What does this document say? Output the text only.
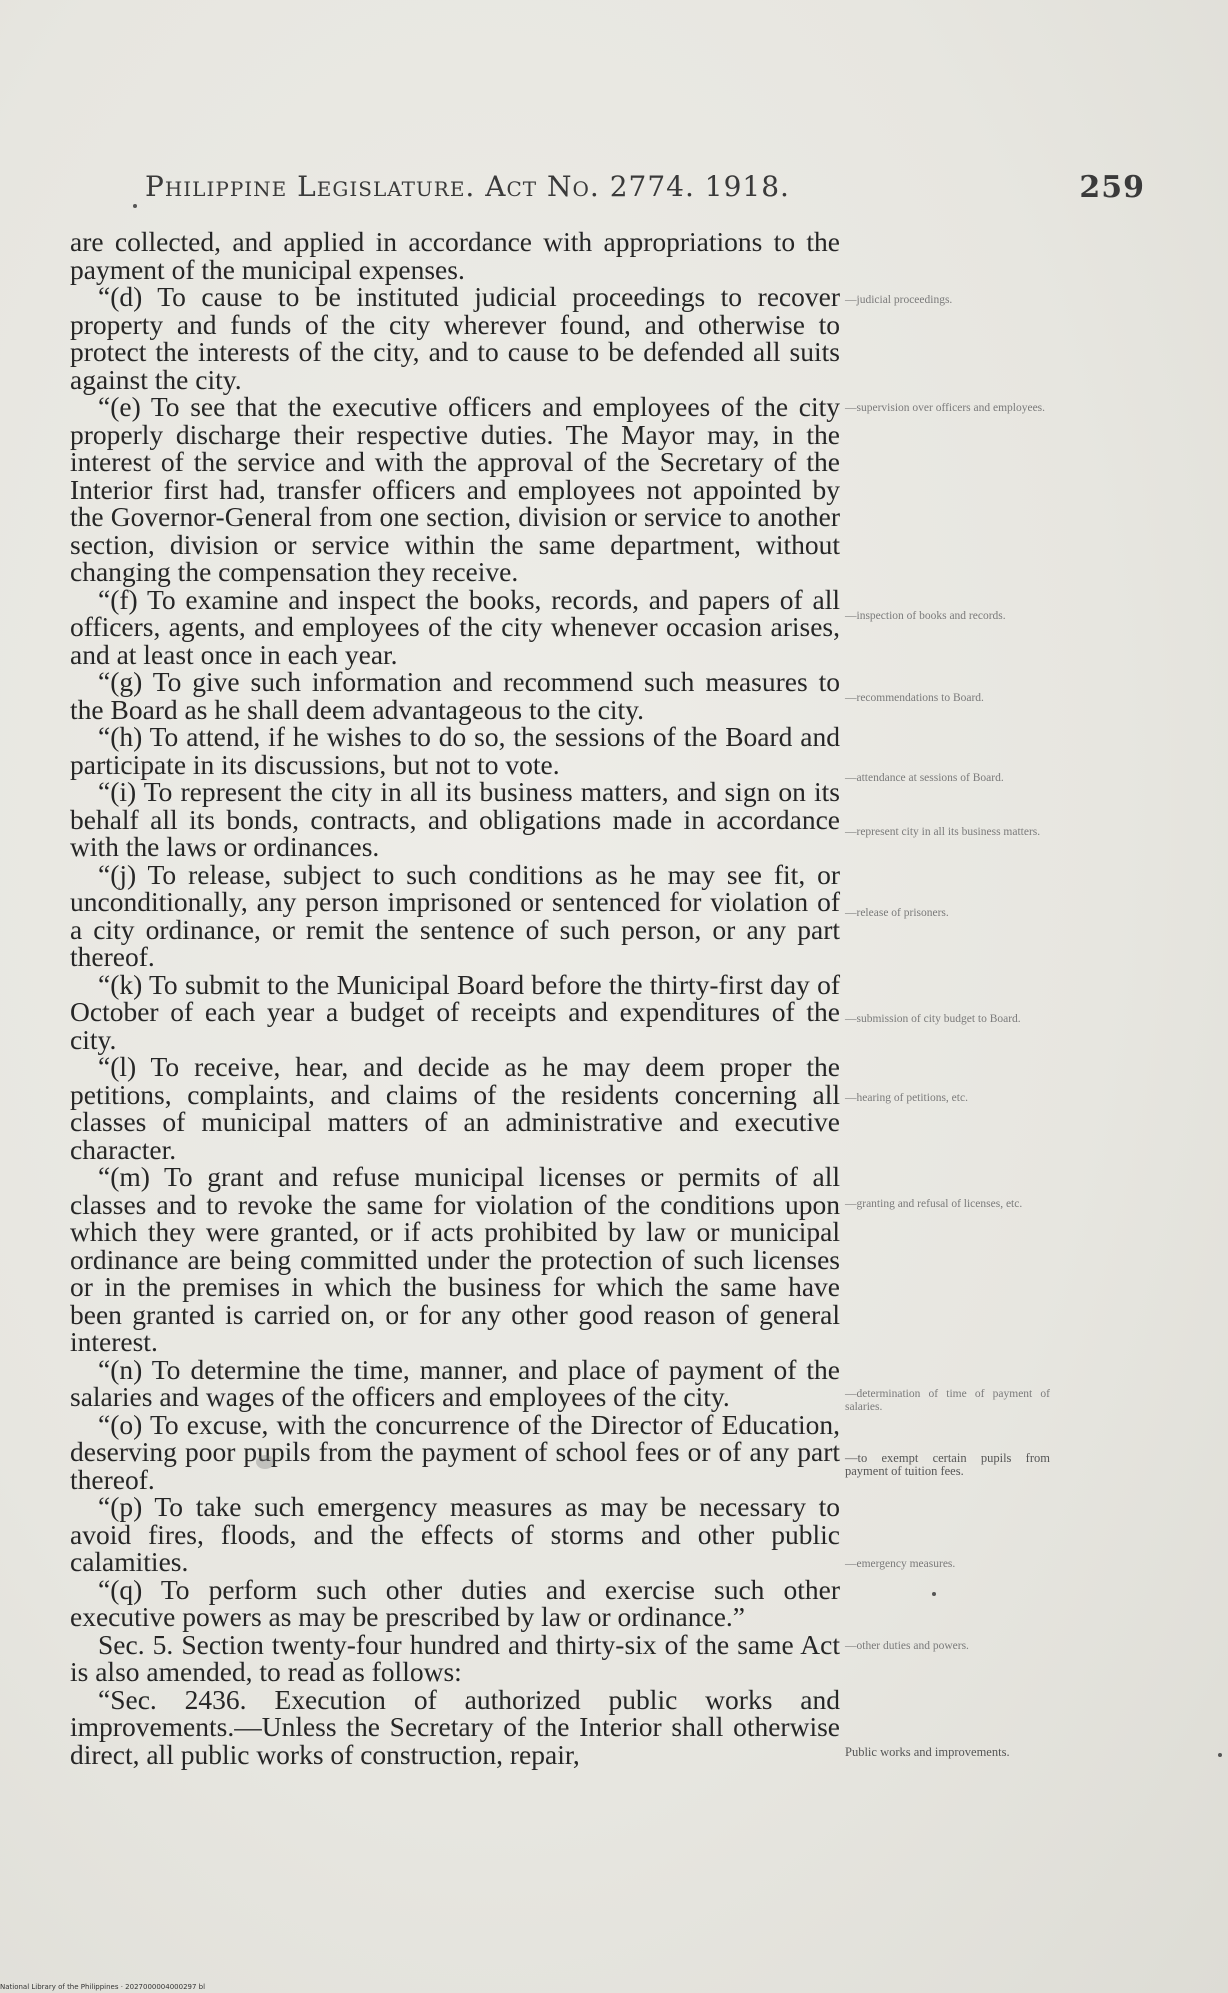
Philippine Legislature. Act No. 2774. 1918.	259

are collected, and applied in accordance with appropriations to the payment of the municipal expenses.

“(d) To cause to be instituted judicial proceedings to recover property and funds of the city wherever found, and otherwise to protect the interests of the city, and to cause to be defended all suits against the city.

“(e) To see that the executive officers and employees of the city properly discharge their respective duties. The Mayor may, in the interest of the service and with the approval of the Secretary of the Interior first had, transfer officers and employees not appointed by the Governor-General from one section, division or service to another section, division or service within the same department, without changing the compensation they receive.

“(f) To examine and inspect the books, records, and papers of all officers, agents, and employees of the city whenever occasion arises, and at least once in each year.

“(g) To give such information and recommend such measures to the Board as he shall deem advantageous to the city.

“(h) To attend, if he wishes to do so, the sessions of the Board and participate in its discussions, but not to vote.

“(i) To represent the city in all its business matters, and sign on its behalf all its bonds, contracts, and obligations made in accordance with the laws or ordinances.

“(j) To release, subject to such conditions as he may see fit, or unconditionally, any person imprisoned or sentenced for violation of a city ordinance, or remit the sentence of such person, or any part thereof.

“(k) To submit to the Municipal Board before the thirty-first day of October of each year a budget of receipts and expenditures of the city.

“(l) To receive, hear, and decide as he may deem proper the petitions, complaints, and claims of the residents concerning all classes of municipal matters of an administrative and executive character.

“(m) To grant and refuse municipal licenses or permits of all classes and to revoke the same for violation of the conditions upon which they were granted, or if acts prohibited by law or municipal ordinance are being committed under the protection of such licenses or in the premises in which the business for which the same have been granted is carried on, or for any other good reason of general interest.

“(n) To determine the time, manner, and place of payment of the salaries and wages of the officers and employees of the city.

“(o) To excuse, with the concurrence of the Director of Education, deserving poor pupils from the payment of school fees or of any part thereof.

“(p) To take such emergency measures as may be necessary to avoid fires, floods, and the effects of storms and other public calamities.

“(q) To perform such other duties and exercise such other executive powers as may be prescribed by law or ordinance.”

Sec. 5. Section twenty-four hundred and thirty-six of the same Act is also amended, to read as follows:

“Sec. 2436. Execution of authorized public works and improvements.—Unless the Secretary of the Interior shall otherwise direct, all public works of construction, repair,

—judicial proceedings.
—supervision over officers and employees.
—inspection of books and records.
—recommendations to Board.
—attendance at sessions of Board.
—represent city in all its business matters.
—release of prisoners.
—submission of city budget to Board.
—hearing of petitions, etc.
—granting and refusal of licenses, etc.
—determination of time of payment of salaries.
—to exempt certain pupils from payment of tuition fees.
—emergency measures.
—other duties and powers.
Public works and improvements.
National Library of the Philippines · 2027000004000297 bl
